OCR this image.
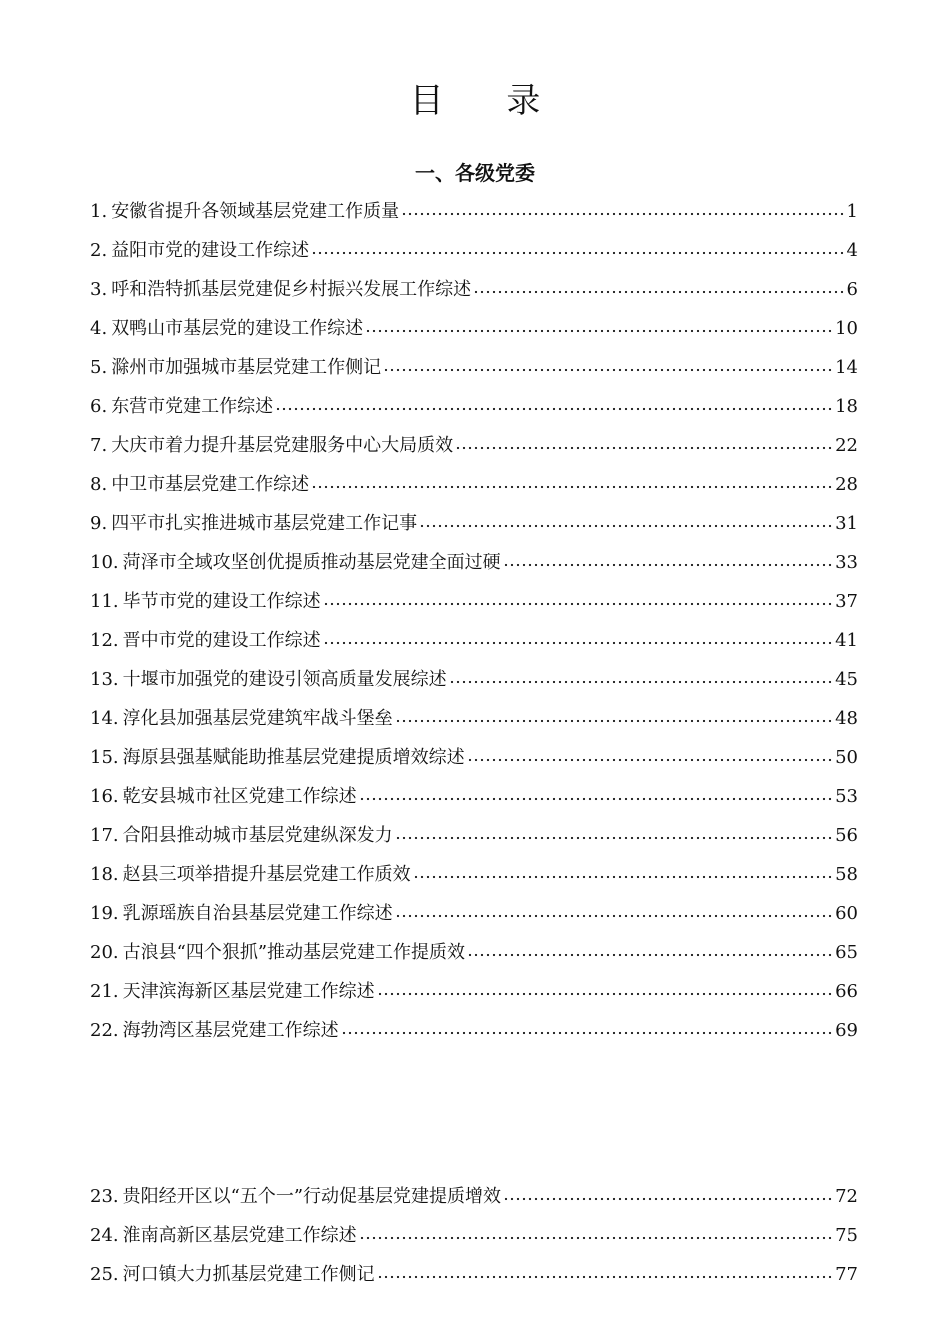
目 录
一、各级党委
1. 安徽省提升各领域基层党建工作质量	1
2. 益阳市党的建设工作综述	4
3. 呼和浩特抓基层党建促乡村振兴发展工作综述	6
4. 双鸭山市基层党的建设工作综述	10
5. 滁州市加强城市基层党建工作侧记	14
6. 东营市党建工作综述	18
7. 大庆市着力提升基层党建服务中心大局质效	22
8. 中卫市基层党建工作综述	28
9. 四平市扎实推进城市基层党建工作记事	31
10. 菏泽市全域攻坚创优提质推动基层党建全面过硬	33
11. 毕节市党的建设工作综述	37
12. 晋中市党的建设工作综述	41
13. 十堰市加强党的建设引领高质量发展综述	45
14. 淳化县加强基层党建筑牢战斗堡垒	48
15. 海原县强基赋能助推基层党建提质增效综述	50
16. 乾安县城市社区党建工作综述	53
17. 合阳县推动城市基层党建纵深发力	56
18. 赵县三项举措提升基层党建工作质效	58
19. 乳源瑶族自治县基层党建工作综述	60
20. 古浪县“四个狠抓”推动基层党建工作提质效	65
21. 天津滨海新区基层党建工作综述	66
22. 海勃湾区基层党建工作综述	69
23. 贵阳经开区以“五个一”行动促基层党建提质增效	72
24. 淮南高新区基层党建工作综述	75
25. 河口镇大力抓基层党建工作侧记	77
